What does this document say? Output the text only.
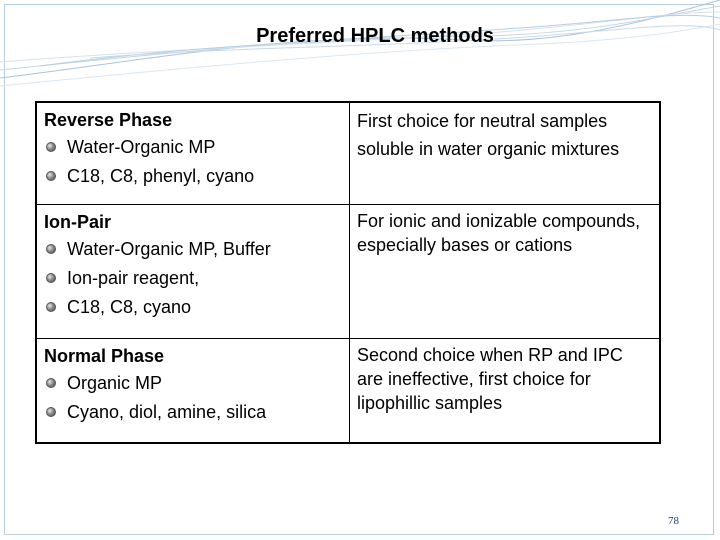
Preferred HPLC methods
Reverse Phase
Water-Organic MP
C18, C8, phenyl, cyano	First choice for neutral samples soluble in water organic mixtures

Ion-Pair
Water-Organic MP, Buffer
Ion-pair reagent,
C18, C8, cyano	For ionic and ionizable compounds, especially bases or cations

Normal Phase
Organic MP
Cyano, diol, amine, silica	Second choice when RP and IPC are ineffective, first choice for lipophillic samples
78
